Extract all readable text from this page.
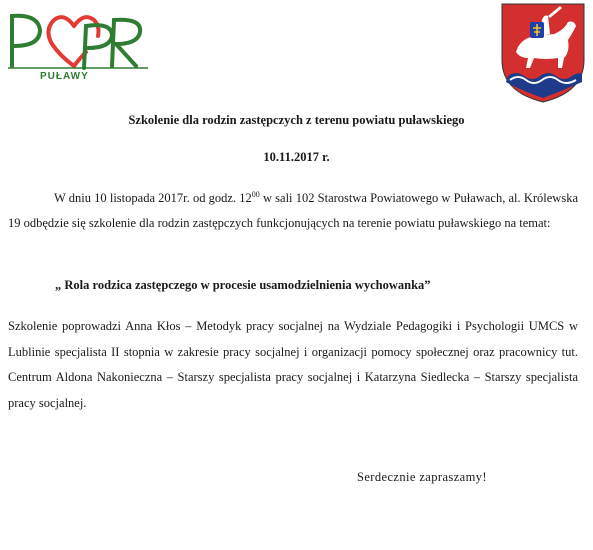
PUŁAWY

Szkolenie dla rodzin zastępczych z terenu powiatu puławskiego

10.11.2017 r.

W dniu 10 listopada 2017r. od godz. $12^{00}$ w sali 102 Starostwa Powiatowego w Puławach, al. Królewska 19 odbędzie się szkolenie dla rodzin zastępczych funkcjonujących na terenie powiatu puławskiego na temat:

„ Rola rodzica zastępczego w procesie usamodzielnienia wychowanka”

Szkolenie poprowadzi Anna Kłos – Metodyk pracy socjalnej na Wydziale Pedagogiki i Psychologii UMCS w Lublinie specjalista II stopnia w zakresie pracy socjalnej i organizacji pomocy społecznej oraz pracownicy tut. Centrum Aldona Nakonieczna – Starszy specjalista pracy socjalnej i Katarzyna Siedlecka – Starszy specjalista pracy socjalnej.

Serdecznie zapraszamy!
